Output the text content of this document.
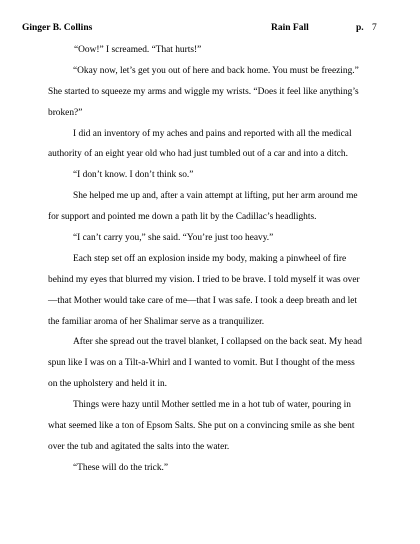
Ginger B. Collins	Rain Fall	p. 7
“Oow!” I screamed. “That hurts!”
“Okay now, let’s get you out of here and back home. You must be freezing.”
She started to squeeze my arms and wiggle my wrists. “Does it feel like anything’s
broken?”
I did an inventory of my aches and pains and reported with all the medical
authority of an eight year old who had just tumbled out of a car and into a ditch.
“I don’t know. I don’t think so.”
She helped me up and, after a vain attempt at lifting, put her arm around me
for support and pointed me down a path lit by the Cadillac’s headlights.
“I can’t carry you,” she said. “You’re just too heavy.”
Each step set off an explosion inside my body, making a pinwheel of fire
behind my eyes that blurred my vision. I tried to be brave. I told myself it was over
—that Mother would take care of me—that I was safe. I took a deep breath and let
the familiar aroma of her Shalimar serve as a tranquilizer.
After she spread out the travel blanket, I collapsed on the back seat. My head
spun like I was on a Tilt-a-Whirl and I wanted to vomit. But I thought of the mess
on the upholstery and held it in.
Things were hazy until Mother settled me in a hot tub of water, pouring in
what seemed like a ton of Epsom Salts. She put on a convincing smile as she bent
over the tub and agitated the salts into the water.
“These will do the trick.”
